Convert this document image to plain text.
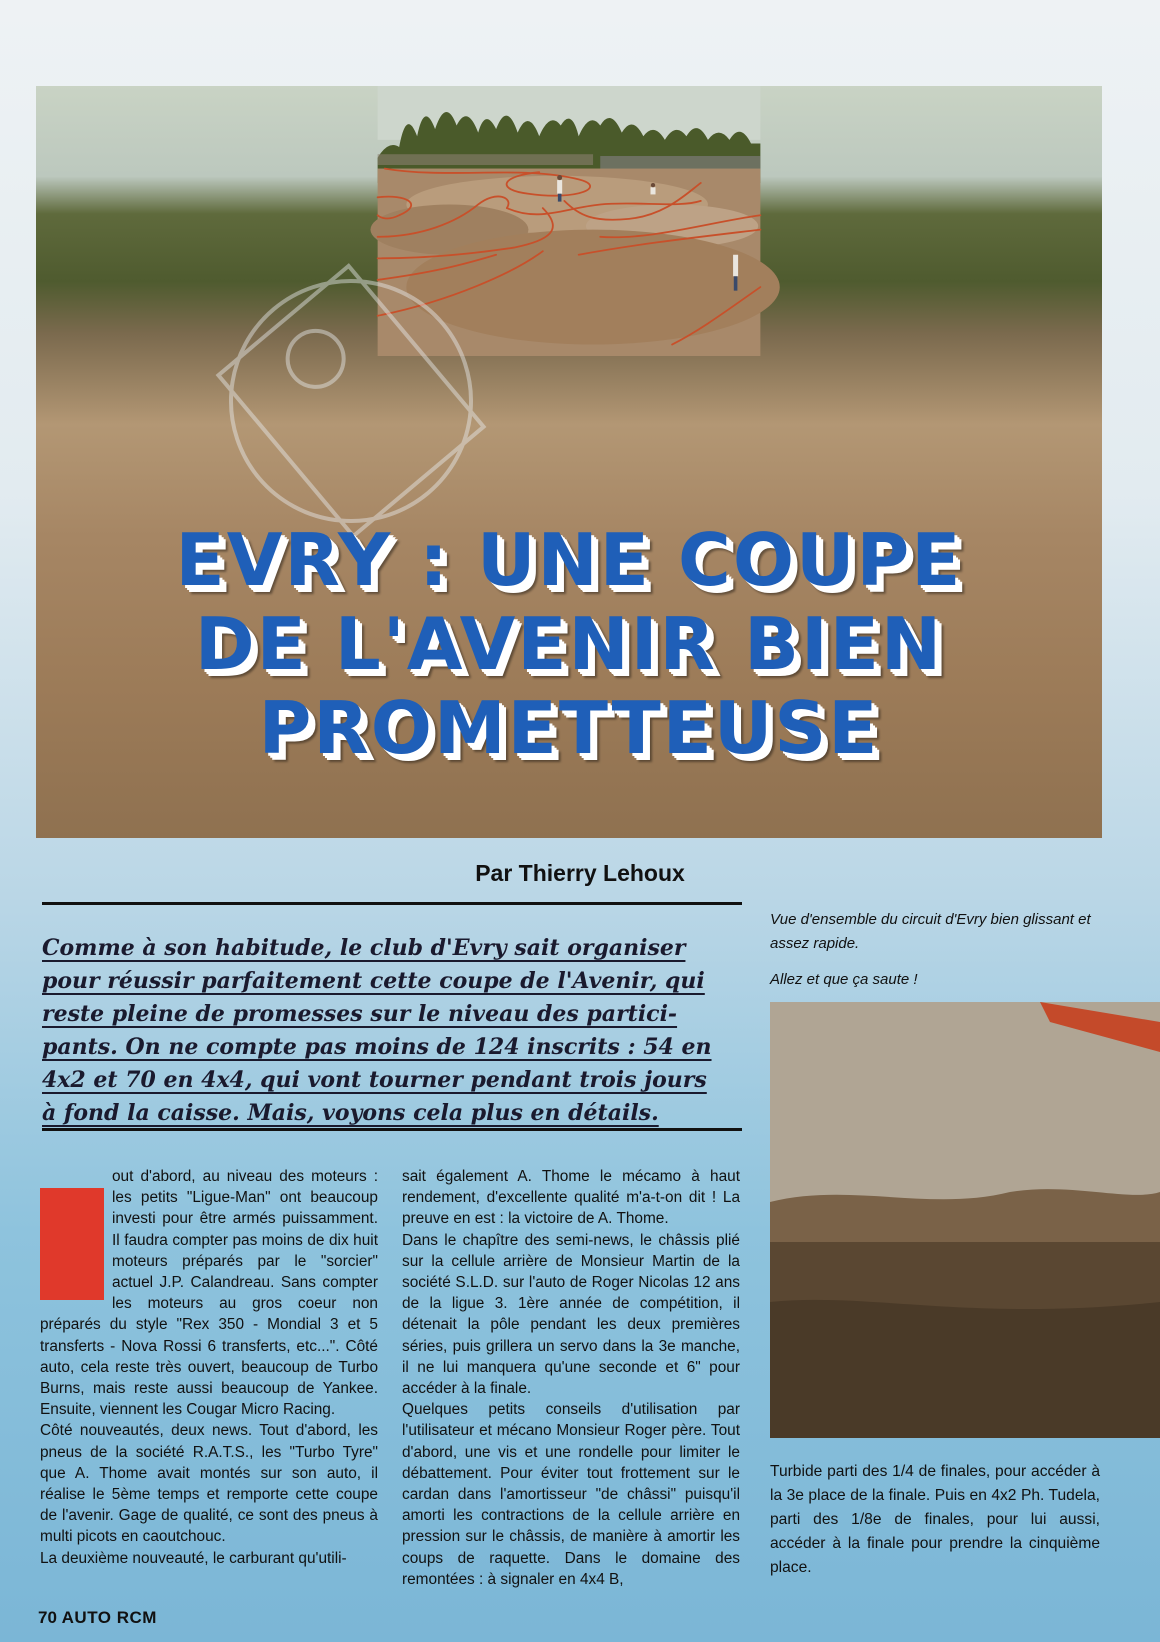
EVRY : UNE COUPE
DE L'AVENIR BIEN
PROMETTEUSE
Par Thierry Lehoux
Comme à son habitude, le club d'Evry sait organiser
pour réussir parfaitement cette coupe de l'Avenir, qui
reste pleine de promesses sur le niveau des partici-
pants. On ne compte pas moins de 124 inscrits : 54 en
4x2 et 70 en 4x4, qui vont tourner pendant trois jours
à fond la caisse. Mais, voyons cela plus en détails.

out d'abord, au niveau des moteurs : les petits "Ligue-Man" ont beaucoup investi pour être armés puissamment. Il faudra compter pas moins de dix huit moteurs préparés par le "sorcier" actuel J.P. Calandreau. Sans compter les moteurs au gros coeur non préparés du style "Rex 350 - Mondial 3 et 5 transferts - Nova Rossi 6 transferts, etc...". Côté auto, cela reste très ouvert, beaucoup de Turbo Burns, mais reste aussi beaucoup de Yankee. Ensuite, viennent les Cougar Micro Racing.

Côté nouveautés, deux news. Tout d'abord, les pneus de la société R.A.T.S., les "Turbo Tyre" que A. Thome avait montés sur son auto, il réalise le 5ème temps et remporte cette coupe de l'avenir. Gage de qualité, ce sont des pneus à multi picots en caoutchouc.

La deuxième nouveauté, le carburant qu'utili-

sait également A. Thome le mécamo à haut rendement, d'excellente qualité m'a-t-on dit ! La preuve en est : la victoire de A. Thome.

Dans le chapître des semi-news, le châssis plié sur la cellule arrière de Monsieur Martin de la société S.L.D. sur l'auto de Roger Nicolas 12 ans de la ligue 3. 1ère année de compétition, il détenait la pôle pendant les deux premières séries, puis grillera un servo dans la 3e manche, il ne lui manquera qu'une seconde et 6" pour accéder à la finale.

Quelques petits conseils d'utilisation par l'utilisateur et mécano Monsieur Roger père. Tout d'abord, une vis et une rondelle pour limiter le débattement. Pour éviter tout frottement sur le cardan dans l'amortisseur "de châssi" puisqu'il amorti les contractions de la cellule arrière en pression sur le châssis, de manière à amortir les coups de raquette. Dans le domaine des remontées : à signaler en 4x4 B,

Vue d'ensemble du circuit d'Evry bien glissant et assez rapide.
Allez et que ça saute !
Turbide parti des 1/4 de finales, pour accéder à la 3e place de la finale. Puis en 4x2 Ph. Tudela, parti des 1/8e de finales, pour lui aussi, accéder à la finale pour prendre la cinquième place.
70 AUTO RCM
